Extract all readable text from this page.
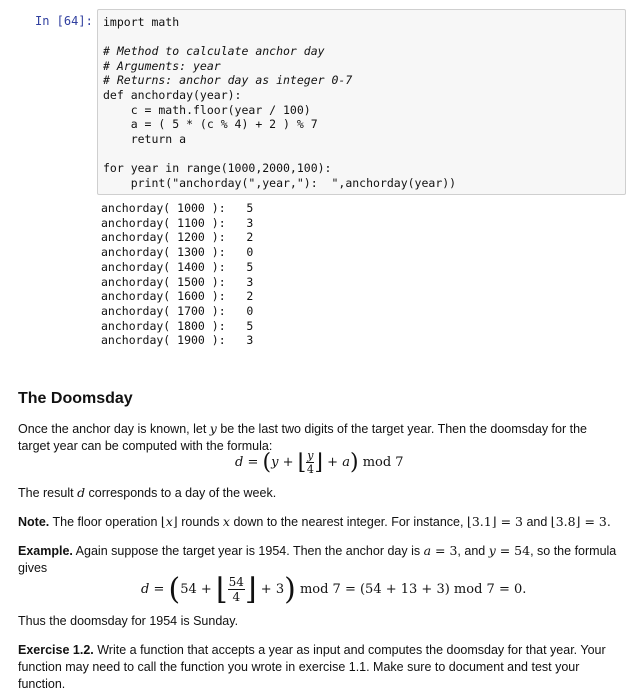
In [64]: import math

# Method to calculate anchor day
# Arguments: year
# Returns: anchor day as integer 0-7
def anchorday(year):
c = math.floor(year / 100)
a = ( 5 * (c % 4) + 2 ) % 7
return a

for year in range(1000,2000,100):
print("anchorday(",year,"):  ",anchorday(year))

anchorday( 1000 ):   5
anchorday( 1100 ):   3
anchorday( 1200 ):   2
anchorday( 1300 ):   0
anchorday( 1400 ):   5
anchorday( 1500 ):   3
anchorday( 1600 ):   2
anchorday( 1700 ):   0
anchorday( 1800 ):   5
anchorday( 1900 ):   3

The Doomsday
Once the anchor day is known, let y be the last two digits of the target year. Then the doomsday for the target year can be computed with the formula:
d = (y + ⌊ $\frac{y}{4}$ ⌋ + a) mod 7
The result d corresponds to a day of the week.
Note. The floor operation ⌊x⌋ rounds x down to the nearest integer. For instance, ⌊3.1⌋ = 3 and ⌊3.8⌋ = 3.
Example. Again suppose the target year is 1954. Then the anchor day is a = 3, and y = 54, so the formula gives
d = (54 + ⌊ $\frac{54}{4}$ ⌋ + 3) mod 7 = (54 + 13 + 3) mod 7 = 0.
Thus the doomsday for 1954 is Sunday.
Exercise 1.2. Write a function that accepts a year as input and computes the doomsday for that year. Your function may need to call the function you wrote in exercise 1.1. Make sure to document and test your function.
